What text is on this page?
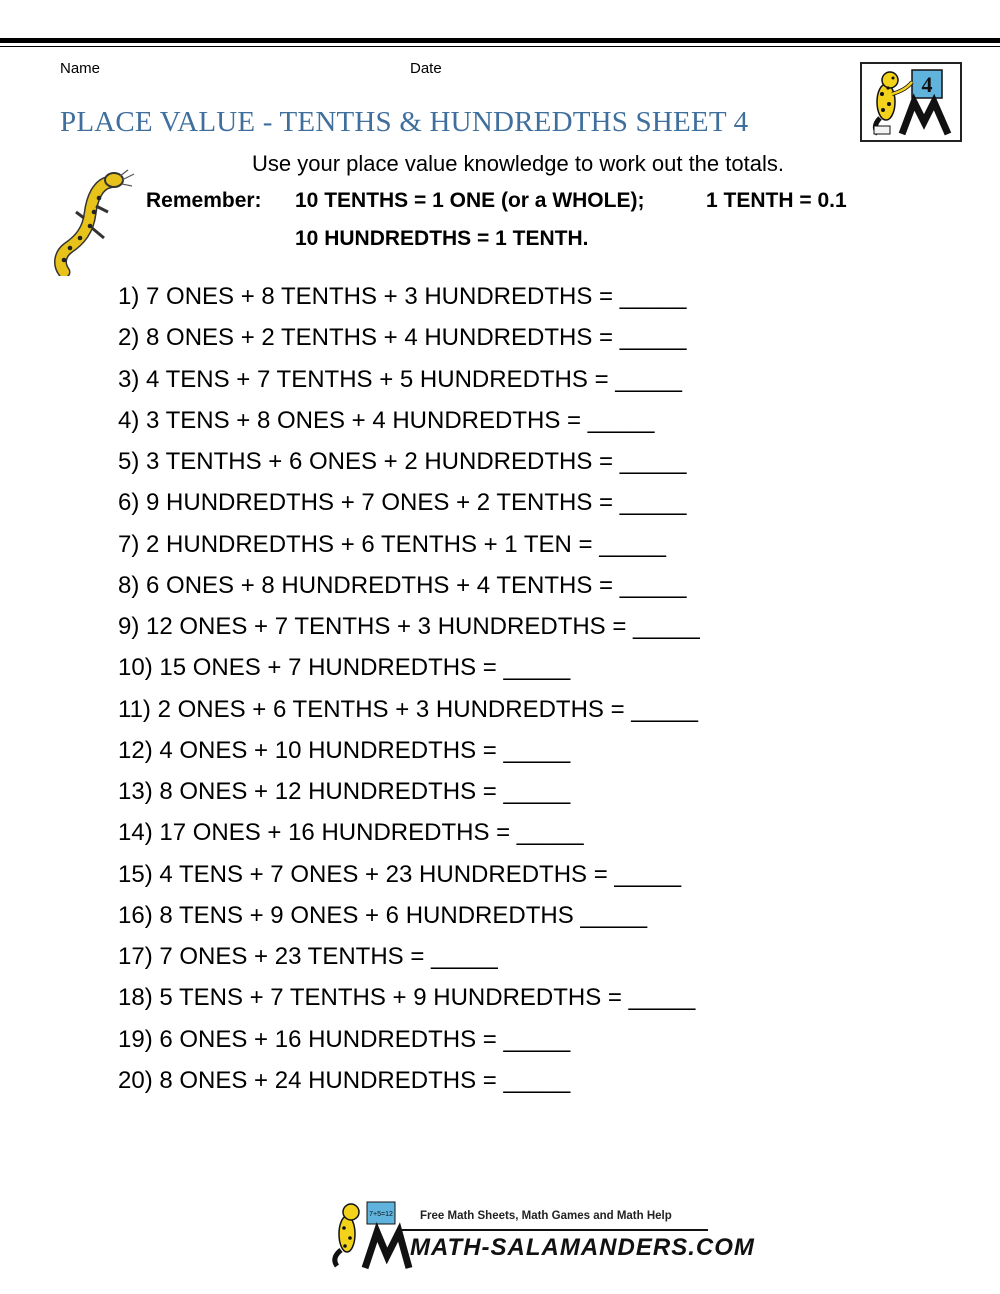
Name	Date
PLACE VALUE - TENTHS & HUNDREDTHS SHEET 4
4
Use your place value knowledge to work out the totals.
Remember: 10 TENTHS = 1 ONE (or a WHOLE);	1 TENTH = 0.1
10 HUNDREDTHS = 1 TENTH.
1) 7 ONES + 8 TENTHS + 3 HUNDREDTHS = _____
2) 8 ONES + 2 TENTHS + 4 HUNDREDTHS = _____
3) 4 TENS + 7 TENTHS + 5 HUNDREDTHS = _____
4) 3 TENS + 8 ONES + 4 HUNDREDTHS = _____
5) 3 TENTHS + 6 ONES + 2 HUNDREDTHS = _____
6) 9 HUNDREDTHS + 7 ONES + 2 TENTHS = _____
7) 2 HUNDREDTHS + 6 TENTHS + 1 TEN = _____
8) 6 ONES + 8 HUNDREDTHS + 4 TENTHS = _____
9) 12 ONES + 7 TENTHS + 3 HUNDREDTHS = _____
10) 15 ONES + 7 HUNDREDTHS = _____
11) 2 ONES + 6 TENTHS + 3 HUNDREDTHS = _____
12) 4 ONES + 10 HUNDREDTHS = _____
13) 8 ONES + 12 HUNDREDTHS = _____
14) 17 ONES + 16 HUNDREDTHS = _____
15) 4 TENS + 7 ONES + 23 HUNDREDTHS = _____
16) 8 TENS + 9 ONES + 6 HUNDREDTHS _____
17) 7 ONES + 23 TENTHS = _____
18) 5 TENS + 7 TENTHS + 9 HUNDREDTHS = _____
19) 6 ONES + 16 HUNDREDTHS = _____
20) 8 ONES + 24 HUNDREDTHS = _____
7+5=12 Free Math Sheets, Math Games and Math Help
MATH-SALAMANDERS.COM
